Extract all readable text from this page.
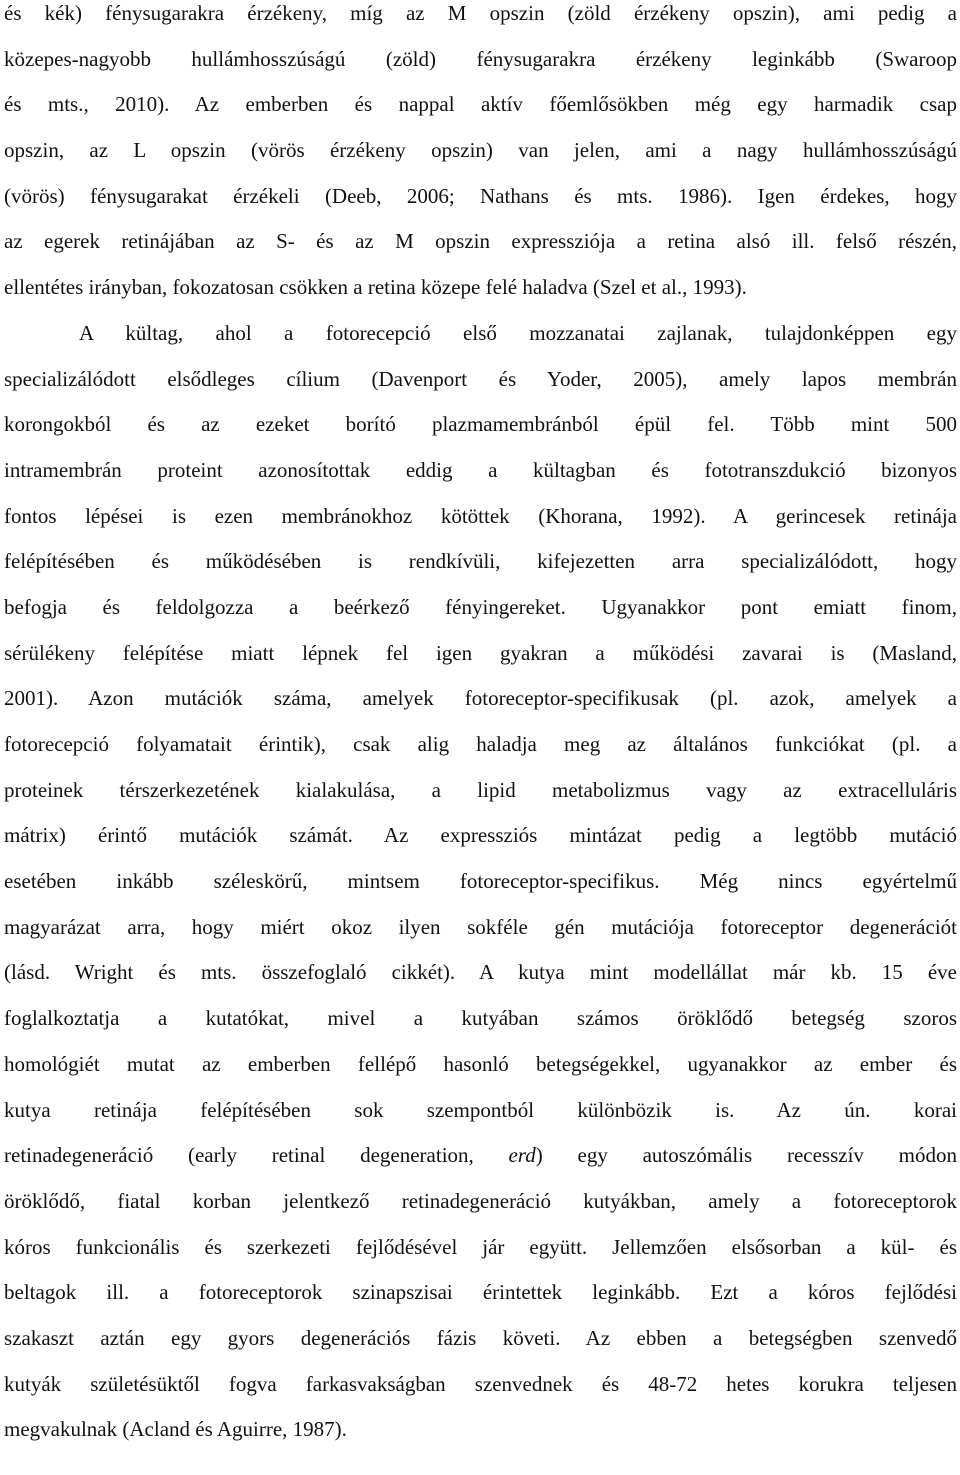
és kék) fénysugarakra érzékeny, míg az M opszin (zöld érzékeny opszin), ami pedig a
közepes-nagyobb hullámhosszúságú (zöld) fénysugarakra érzékeny leginkább (Swaroop
és mts., 2010). Az emberben és nappal aktív főemlősökben még egy harmadik csap
opszin, az L opszin (vörös érzékeny opszin) van jelen, ami a nagy hullámhosszúságú
(vörös) fénysugarakat érzékeli (Deeb, 2006; Nathans és mts. 1986). Igen érdekes, hogy
az egerek retinájában az S- és az M opszin expressziója a retina alsó ill. felső részén,
ellentétes irányban, fokozatosan csökken a retina közepe felé haladva (Szel et al., 1993).
A kültag, ahol a fotorecepció első mozzanatai zajlanak, tulajdonképpen egy
specializálódott elsődleges cílium (Davenport és Yoder, 2005), amely lapos membrán
korongokból és az ezeket borító plazmamembránból épül fel. Több mint 500
intramembrán proteint azonosítottak eddig a kültagban és fototranszdukció bizonyos
fontos lépései is ezen membránokhoz kötöttek (Khorana, 1992). A gerincesek retinája
felépítésében és működésében is rendkívüli, kifejezetten arra specializálódott, hogy
befogja és feldolgozza a beérkező fényingereket. Ugyanakkor pont emiatt finom,
sérülékeny felépítése miatt lépnek fel igen gyakran a működési zavarai is (Masland,
2001). Azon mutációk száma, amelyek fotoreceptor-specifikusak (pl. azok, amelyek a
fotorecepció folyamatait érintik), csak alig haladja meg az általános funkciókat (pl. a
proteinek térszerkezetének kialakulása, a lipid metabolizmus vagy az extracelluláris
mátrix) érintő mutációk számát. Az expressziós mintázat pedig a legtöbb mutáció
esetében inkább széleskörű, mintsem fotoreceptor-specifikus. Még nincs egyértelmű
magyarázat arra, hogy miért okoz ilyen sokféle gén mutációja fotoreceptor degenerációt
(lásd. Wright és mts. összefoglaló cikkét). A kutya mint modellállat már kb. 15 éve
foglalkoztatja a kutatókat, mivel a kutyában számos öröklődő betegség szoros
homológiét mutat az emberben fellépő hasonló betegségekkel, ugyanakkor az ember és
kutya retinája felépítésében sok szempontból különbözik is. Az ún. korai
retinadegeneráció (early retinal degeneration, erd) egy autoszómális recesszív módon
öröklődő, fiatal korban jelentkező retinadegeneráció kutyákban, amely a fotoreceptorok
kóros funkcionális és szerkezeti fejlődésével jár együtt. Jellemzően elsősorban a kül- és
beltagok ill. a fotoreceptorok szinapszisai érintettek leginkább. Ezt a kóros fejlődési
szakaszt aztán egy gyors degenerációs fázis követi. Az ebben a betegségben szenvedő
kutyák születésüktől fogva farkasvakságban szenvednek és 48-72 hetes korukra teljesen
megvakulnak (Acland és Aguirre, 1987).
